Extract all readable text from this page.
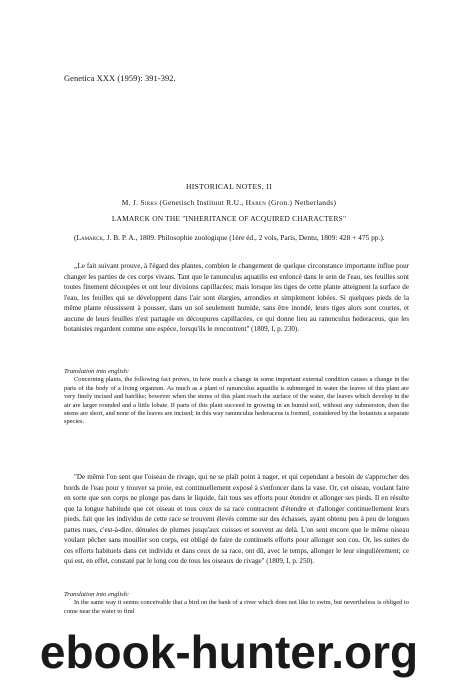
Genetica XXX (1959): 391-392.
HISTORICAL NOTES, II
M. J. Sirks (Genetisch Instituut R.U., Haren (Gron.) Netherlands)
LAMARCK ON THE "INHERITANCE OF ACQUIRED CHARACTERS"
(Lamarck, J. B. P. A., 1809. Philosophie zoologique (1ère éd., 2 vols, Paris, Dentu, 1809: 428 + 475 pp.).

,,Le fait suivant prouve, à l'égard des plantes, combien le changement de quelque circonstance importante influe pour changer les parties de ces corps vivans. Tant que le ranunculus aquatilis est enfoncé dans le sein de l'eau, ses feuilles sont toutes finement découpées et ont leur divisions capillacées; mais lorsque les tiges de cette plante atteignent la surface de l'eau, les feuilles qui se développent dans l'air sont élargies, arrondies et simplement lobées. Si quelques pieds de la même plante réussissent à pousser, dans un sol seulement humide, sans être inondé, leurs tiges alors sont courtes, et aucune de leurs feuilles n'est partagée en découpures capillacées, ce qui donne lieu au ranunculus hederaceus, que les botanistes regardent comme une espèce, lorsqu'ils le rencontrent" (1809, I, p. 230).

Translation into english:

Concerning plants, the following fact proves, in how much a change in some important external condition causes a change in the parts of the body of a living organism. As much as a plant of ranunculus aquatilis is submerged in water the leaves of this plant are very finely incised and hairlike; however when the stems of this plant reach the surface of the water, the leaves which develop in the air are larger rounded and a little lobate. If parts of this plant succeed in growing in an humid soil, without any submersion, then the stems are short, and none of the leaves are incised; in this way ranunculus hederaceus is formed, considered by the botanists a separate species.

"De même l'on sent que l'oiseau de rivage, qui ne se plaît point à nager, et qui cependant a besoin de s'approcher des bords de l'eau pour y trouver sa proie, est continuellement exposé à s'enfoncer dans la vase. Or, cet oiseau, voulant faire en sorte que son corps ne plonge pas dans le liquide, fait tous ses efforts pour étendre et allonger ses pieds. Il en résulte que la longue habitude que cet oiseau et tous ceux de sa race contractent d'étendre et d'allonger continuellement leurs pieds, fait que les individus de cette race se trouvent élevés comme sur des échasses, ayant obtenu peu à peu de longues pattes nues, c'est-à-dire, dénuées de plumes jusqu'aux cuisses et souvent au delà. L'on sent encore que le même oiseau voulant pêcher sans mouiller son corps, est obligé de faire de continuels efforts pour allonger son cou. Or, les suites de ces efforts habituels dans cet individu et dans ceux de sa race, ont dû, avec le temps, allonger le leur singulièrement; ce qui est, en effet, constaté par le long cou de tous les oiseaux de rivage" (1809, I, p. 250).

Translation into english:

In the same way it seems conceivable that a bird on the bank of a river which does not like to swim, but nevertheless is obliged to come near the water to find

ebook-hunter.org
